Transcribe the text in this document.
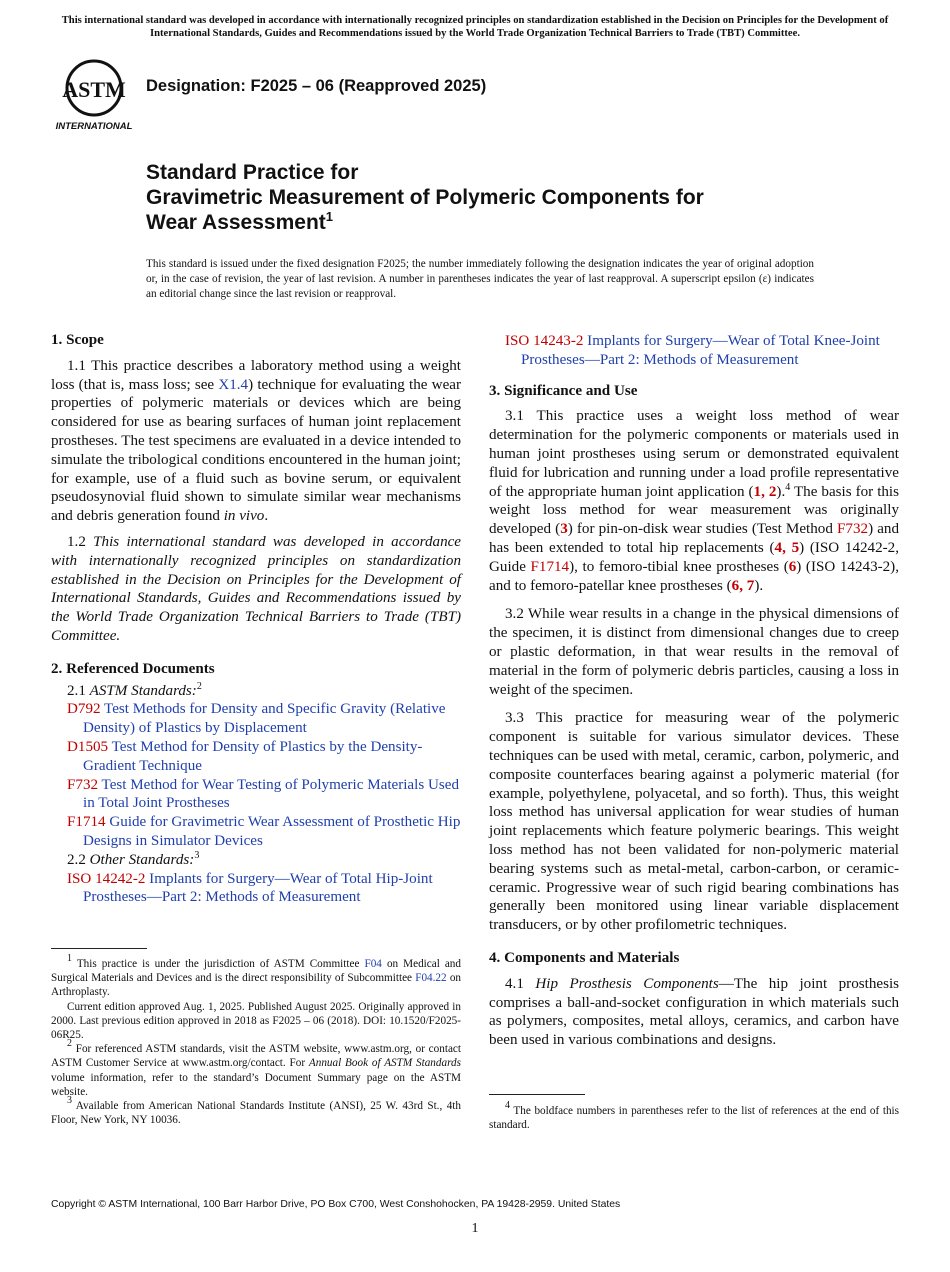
This international standard was developed in accordance with internationally recognized principles on standardization established in the Decision on Principles for the Development of International Standards, Guides and Recommendations issued by the World Trade Organization Technical Barriers to Trade (TBT) Committee.
ASTM
INTERNATIONAL
Designation: F2025 – 06 (Reapproved 2025)
Standard Practice for
Gravimetric Measurement of Polymeric Components for
Wear Assessment$^1$
This standard is issued under the fixed designation F2025; the number immediately following the designation indicates the year of original adoption or, in the case of revision, the year of last revision. A number in parentheses indicates the year of last reapproval. A superscript epsilon (ε) indicates an editorial change since the last revision or reapproval.
1. Scope

1.1 This practice describes a laboratory method using a weight loss (that is, mass loss; see X1.4) technique for evaluating the wear properties of polymeric materials or devices which are being considered for use as bearing surfaces of human joint replacement prostheses. The test specimens are evaluated in a device intended to simulate the tribological conditions encountered in the human joint; for example, use of a fluid such as bovine serum, or equivalent pseudosynovial fluid shown to simulate similar wear mechanisms and debris generation found in vivo.

1.2 This international standard was developed in accordance with internationally recognized principles on standardization established in the Decision on Principles for the Development of International Standards, Guides and Recommendations issued by the World Trade Organization Technical Barriers to Trade (TBT) Committee.

2. Referenced Documents
2.1 ASTM Standards:$^2$
D792 Test Methods for Density and Specific Gravity (Relative Density) of Plastics by Displacement
D1505 Test Method for Density of Plastics by the Density-Gradient Technique
F732 Test Method for Wear Testing of Polymeric Materials Used in Total Joint Prostheses
F1714 Guide for Gravimetric Wear Assessment of Prosthetic Hip Designs in Simulator Devices
2.2 Other Standards:$^3$
ISO 14242-2 Implants for Surgery—Wear of Total Hip-Joint Prostheses—Part 2: Methods of Measurement

$^1$ This practice is under the jurisdiction of ASTM Committee F04 on Medical and Surgical Materials and Devices and is the direct responsibility of Subcommittee F04.22 on Arthroplasty.

Current edition approved Aug. 1, 2025. Published August 2025. Originally approved in 2000. Last previous edition approved in 2018 as F2025 – 06 (2018). DOI: 10.1520/F2025-06R25.

$^2$ For referenced ASTM standards, visit the ASTM website, www.astm.org, or contact ASTM Customer Service at www.astm.org/contact. For Annual Book of ASTM Standards volume information, refer to the standard’s Document Summary page on the ASTM website.

$^3$ Available from American National Standards Institute (ANSI), 25 W. 43rd St., 4th Floor, New York, NY 10036.

ISO 14243-2 Implants for Surgery—Wear of Total Knee-Joint Prostheses—Part 2: Methods of Measurement
3. Significance and Use

3.1 This practice uses a weight loss method of wear determination for the polymeric components or materials used in human joint prostheses using serum or demonstrated equivalent fluid for lubrication and running under a load profile representative of the appropriate human joint application (1, 2).$^4$ The basis for this weight loss method for wear measurement was originally developed (3) for pin-on-disk wear studies (Test Method F732) and has been extended to total hip replacements (4, 5) (ISO 14242-2, Guide F1714), to femoro-tibial knee prostheses (6) (ISO 14243-2), and to femoro-patellar knee prostheses (6, 7).

3.2 While wear results in a change in the physical dimensions of the specimen, it is distinct from dimensional changes due to creep or plastic deformation, in that wear results in the removal of material in the form of polymeric debris particles, causing a loss in weight of the specimen.

3.3 This practice for measuring wear of the polymeric component is suitable for various simulator devices. These techniques can be used with metal, ceramic, carbon, polymeric, and composite counterfaces bearing against a polymeric material (for example, polyethylene, polyacetal, and so forth). Thus, this weight loss method has universal application for wear studies of human joint replacements which feature polymeric bearings. This weight loss method has not been validated for non-polymeric material bearing systems such as metal-metal, carbon-carbon, or ceramic-ceramic. Progressive wear of such rigid bearing combinations has generally been monitored using linear variable displacement transducers, or by other profilometric techniques.

4. Components and Materials

4.1 Hip Prosthesis Components—The hip joint prosthesis comprises a ball-and-socket configuration in which materials such as polymers, composites, metal alloys, ceramics, and carbon have been used in various combinations and designs.

$^4$ The boldface numbers in parentheses refer to the list of references at the end of this standard.

Copyright © ASTM International, 100 Barr Harbor Drive, PO Box C700, West Conshohocken, PA 19428-2959. United States
1
